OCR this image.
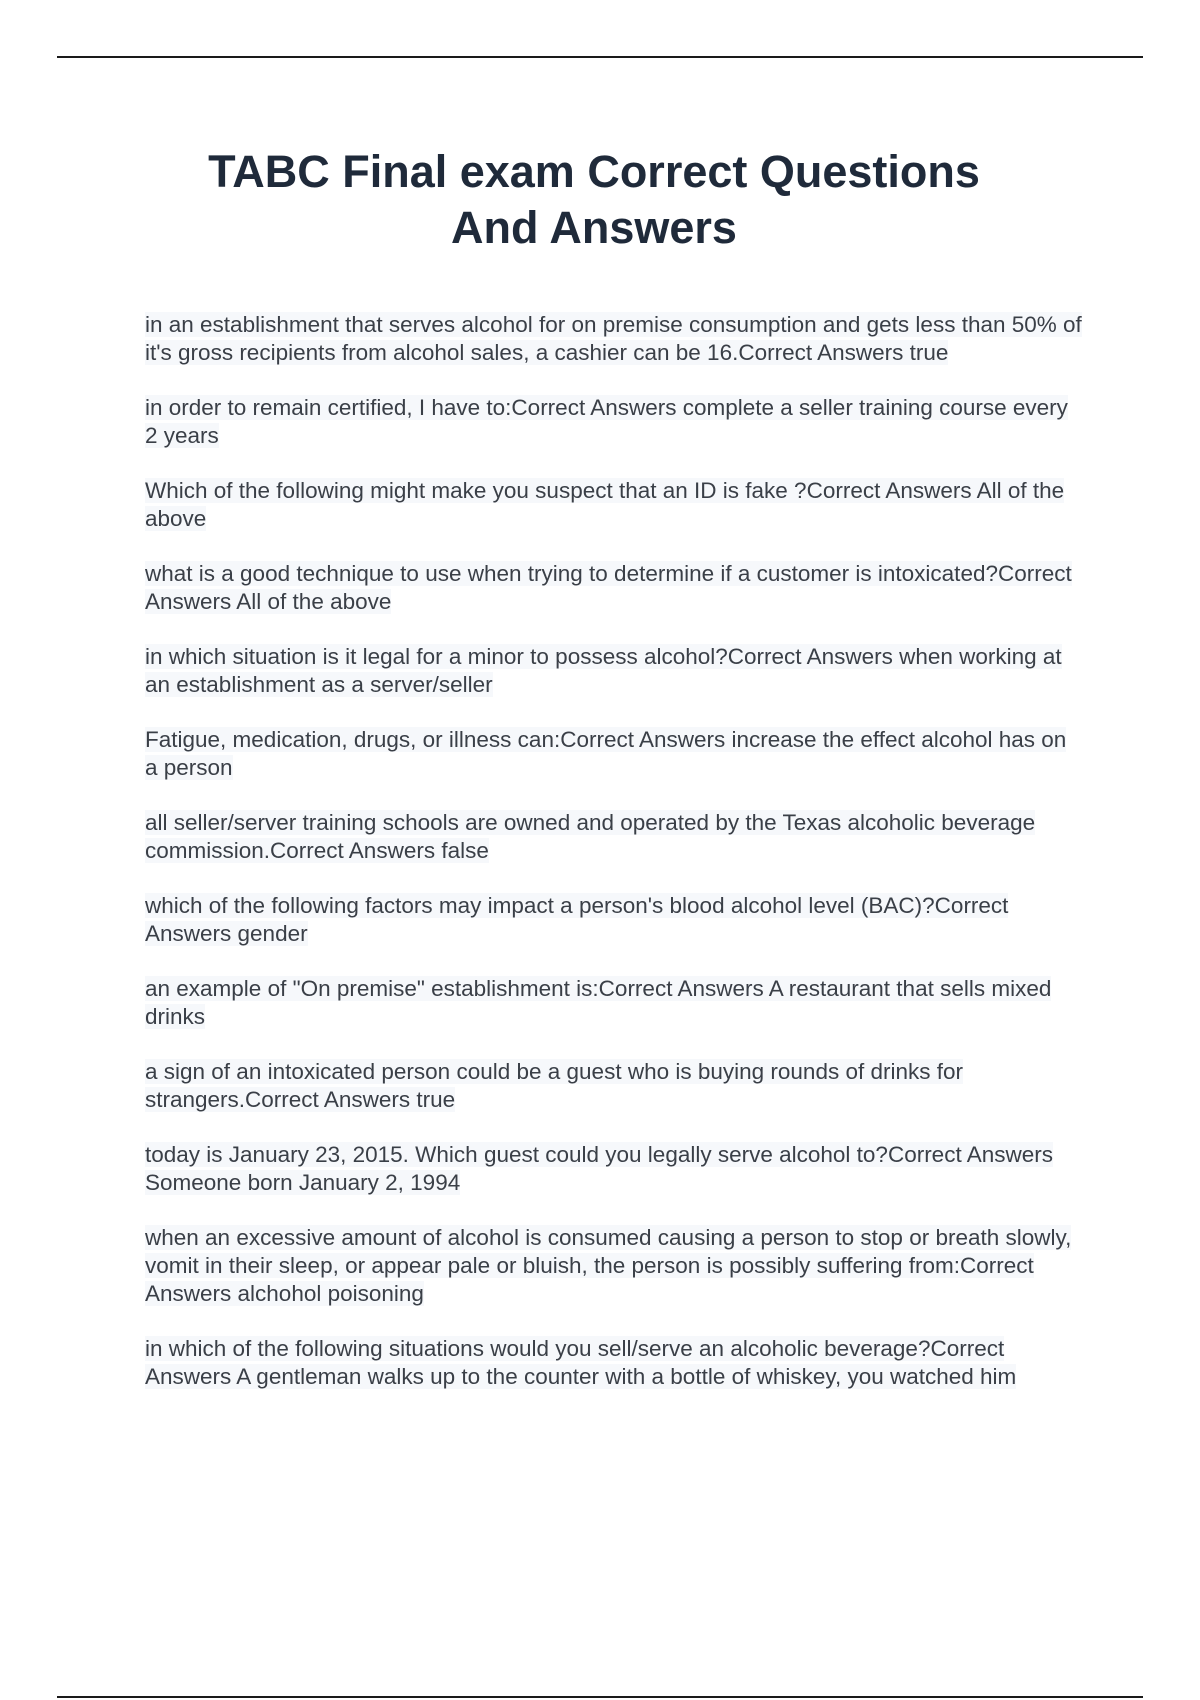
TABC Final exam Correct Questions
And Answers

in an establishment that serves alcohol for on premise consumption and gets less than 50% of it's gross recipients from alcohol sales, a cashier can be 16.Correct Answers true

in order to remain certified, I have to:Correct Answers complete a seller training course every 2 years

Which of the following might make you suspect that an ID is fake ?Correct Answers All of the above

what is a good technique to use when trying to determine if a customer is intoxicated?Correct Answers All of the above

in which situation is it legal for a minor to possess alcohol?Correct Answers when working at an establishment as a server/seller

Fatigue, medication, drugs, or illness can:Correct Answers increase the effect alcohol has on a person

all seller/server training schools are owned and operated by the Texas alcoholic beverage commission.Correct Answers false

which of the following factors may impact a person's blood alcohol level (BAC)?Correct Answers gender

an example of "On premise" establishment is:Correct Answers A restaurant that sells mixed drinks

a sign of an intoxicated person could be a guest who is buying rounds of drinks for strangers.Correct Answers true

today is January 23, 2015. Which guest could you legally serve alcohol to?Correct Answers Someone born January 2, 1994

when an excessive amount of alcohol is consumed causing a person to stop or breath slowly, vomit in their sleep, or appear pale or bluish, the person is possibly suffering from:Correct Answers alchohol poisoning

in which of the following situations would you sell/serve an alcoholic beverage?Correct Answers A gentleman walks up to the counter with a bottle of whiskey, you watched him
